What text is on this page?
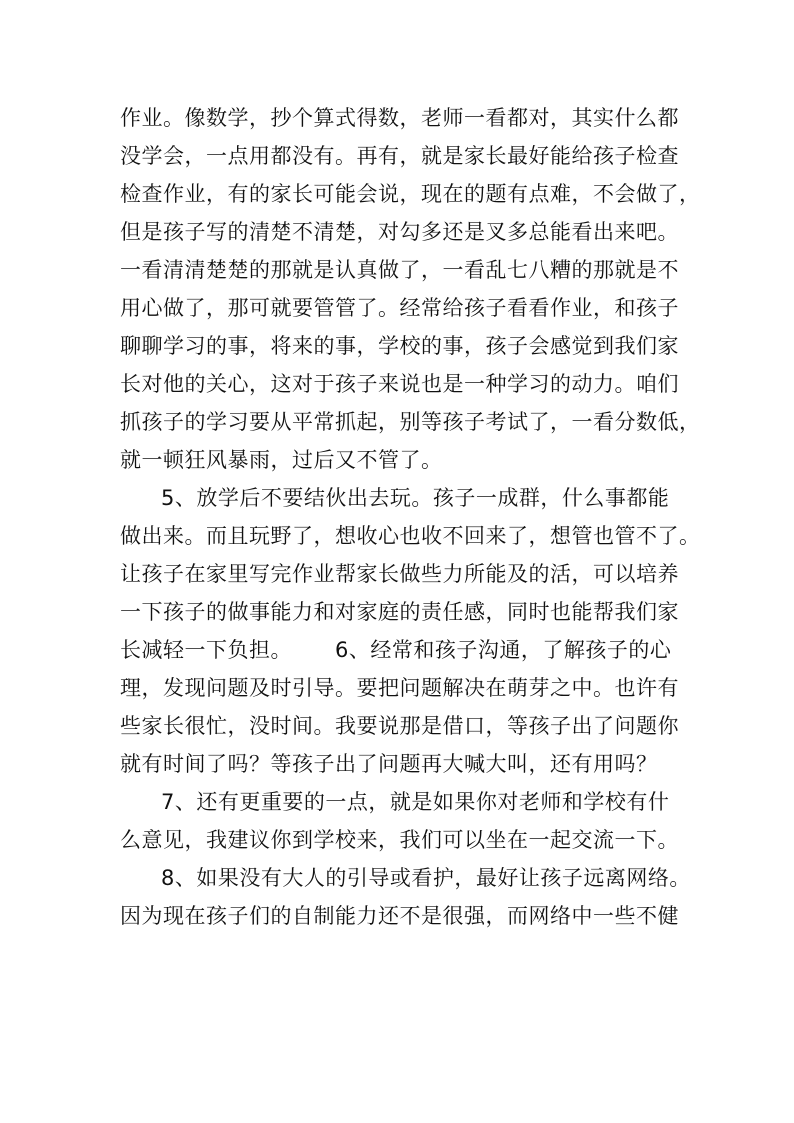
作业。像数学，抄个算式得数，老师一看都对，其实什么都
没学会，一点用都没有。再有，就是家长最好能给孩子检查
检查作业，有的家长可能会说，现在的题有点难，不会做了，
但是孩子写的清楚不清楚，对勾多还是叉多总能看出来吧。
一看清清楚楚的那就是认真做了，一看乱七八糟的那就是不
用心做了，那可就要管管了。经常给孩子看看作业，和孩子
聊聊学习的事，将来的事，学校的事，孩子会感觉到我们家
长对他的关心，这对于孩子来说也是一种学习的动力。咱们
抓孩子的学习要从平常抓起，别等孩子考试了，一看分数低，
就一顿狂风暴雨，过后又不管了。
5、放学后不要结伙出去玩。孩子一成群，什么事都能
做出来。而且玩野了，想收心也收不回来了，想管也管不了。
让孩子在家里写完作业帮家长做些力所能及的活，可以培养
一下孩子的做事能力和对家庭的责任感，同时也能帮我们家
长减轻一下负担。      6、经常和孩子沟通，了解孩子的心
理，发现问题及时引导。要把问题解决在萌芽之中。也许有
些家长很忙，没时间。我要说那是借口，等孩子出了问题你
就有时间了吗？等孩子出了问题再大喊大叫，还有用吗？
7、还有更重要的一点，就是如果你对老师和学校有什
么意见，我建议你到学校来，我们可以坐在一起交流一下。
8、如果没有大人的引导或看护，最好让孩子远离网络。
因为现在孩子们的自制能力还不是很强，而网络中一些不健
